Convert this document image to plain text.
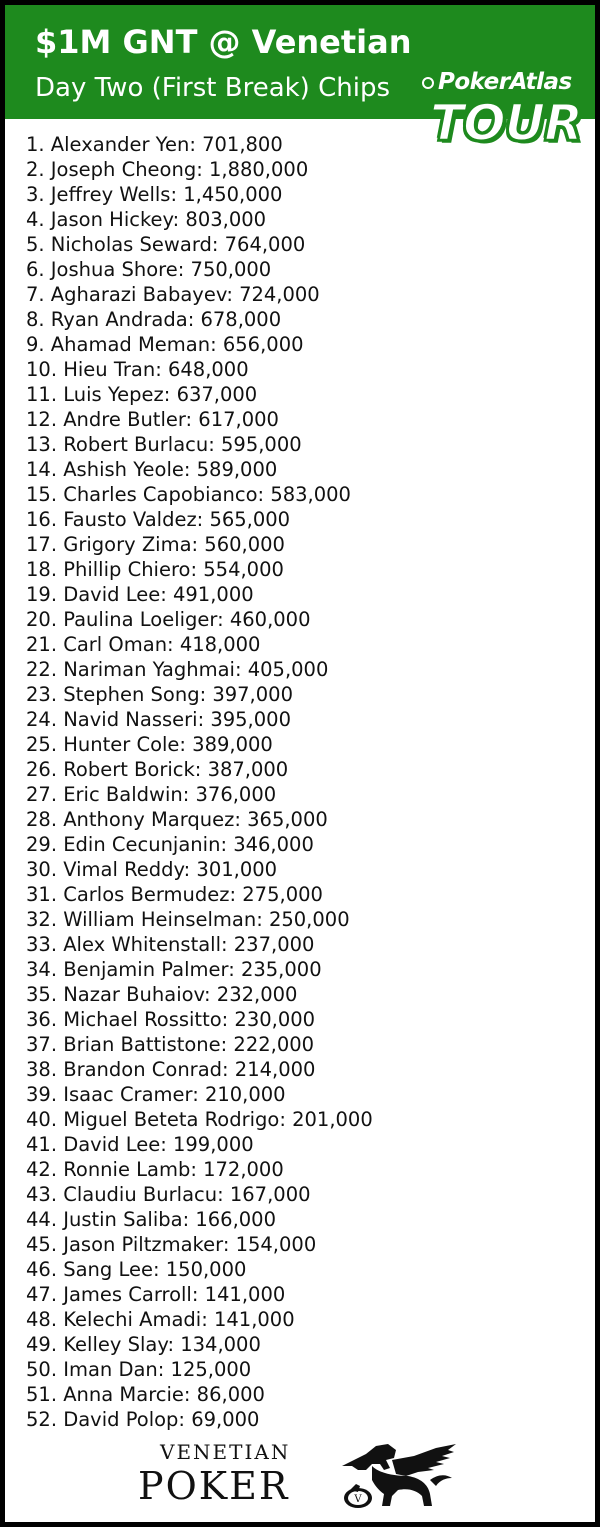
$1M GNT @ Venetian
Day Two (First Break) Chips PokerAtlas
TOUR
1. Alexander Yen: 701,800
2. Joseph Cheong: 1,880,000
3. Jeffrey Wells: 1,450,000
4. Jason Hickey: 803,000
5. Nicholas Seward: 764,000
6. Joshua Shore: 750,000
7. Agharazi Babayev: 724,000
8. Ryan Andrada: 678,000
9. Ahamad Meman: 656,000
10. Hieu Tran: 648,000
11. Luis Yepez: 637,000
12. Andre Butler: 617,000
13. Robert Burlacu: 595,000
14. Ashish Yeole: 589,000
15. Charles Capobianco: 583,000
16. Fausto Valdez: 565,000
17. Grigory Zima: 560,000
18. Phillip Chiero: 554,000
19. David Lee: 491,000
20. Paulina Loeliger: 460,000
21. Carl Oman: 418,000
22. Nariman Yaghmai: 405,000
23. Stephen Song: 397,000
24. Navid Nasseri: 395,000
25. Hunter Cole: 389,000
26. Robert Borick: 387,000
27. Eric Baldwin: 376,000
28. Anthony Marquez: 365,000
29. Edin Cecunjanin: 346,000
30. Vimal Reddy: 301,000
31. Carlos Bermudez: 275,000
32. William Heinselman: 250,000
33. Alex Whitenstall: 237,000
34. Benjamin Palmer: 235,000
35. Nazar Buhaiov: 232,000
36. Michael Rossitto: 230,000
37. Brian Battistone: 222,000
38. Brandon Conrad: 214,000
39. Isaac Cramer: 210,000
40. Miguel Beteta Rodrigo: 201,000
41. David Lee: 199,000
42. Ronnie Lamb: 172,000
43. Claudiu Burlacu: 167,000
44. Justin Saliba: 166,000
45. Jason Piltzmaker: 154,000
46. Sang Lee: 150,000
47. James Carroll: 141,000
48. Kelechi Amadi: 141,000
49. Kelley Slay: 134,000
50. Iman Dan: 125,000
51. Anna Marcie: 86,000
52. David Polop: 69,000
VENETIAN
POKER	V
